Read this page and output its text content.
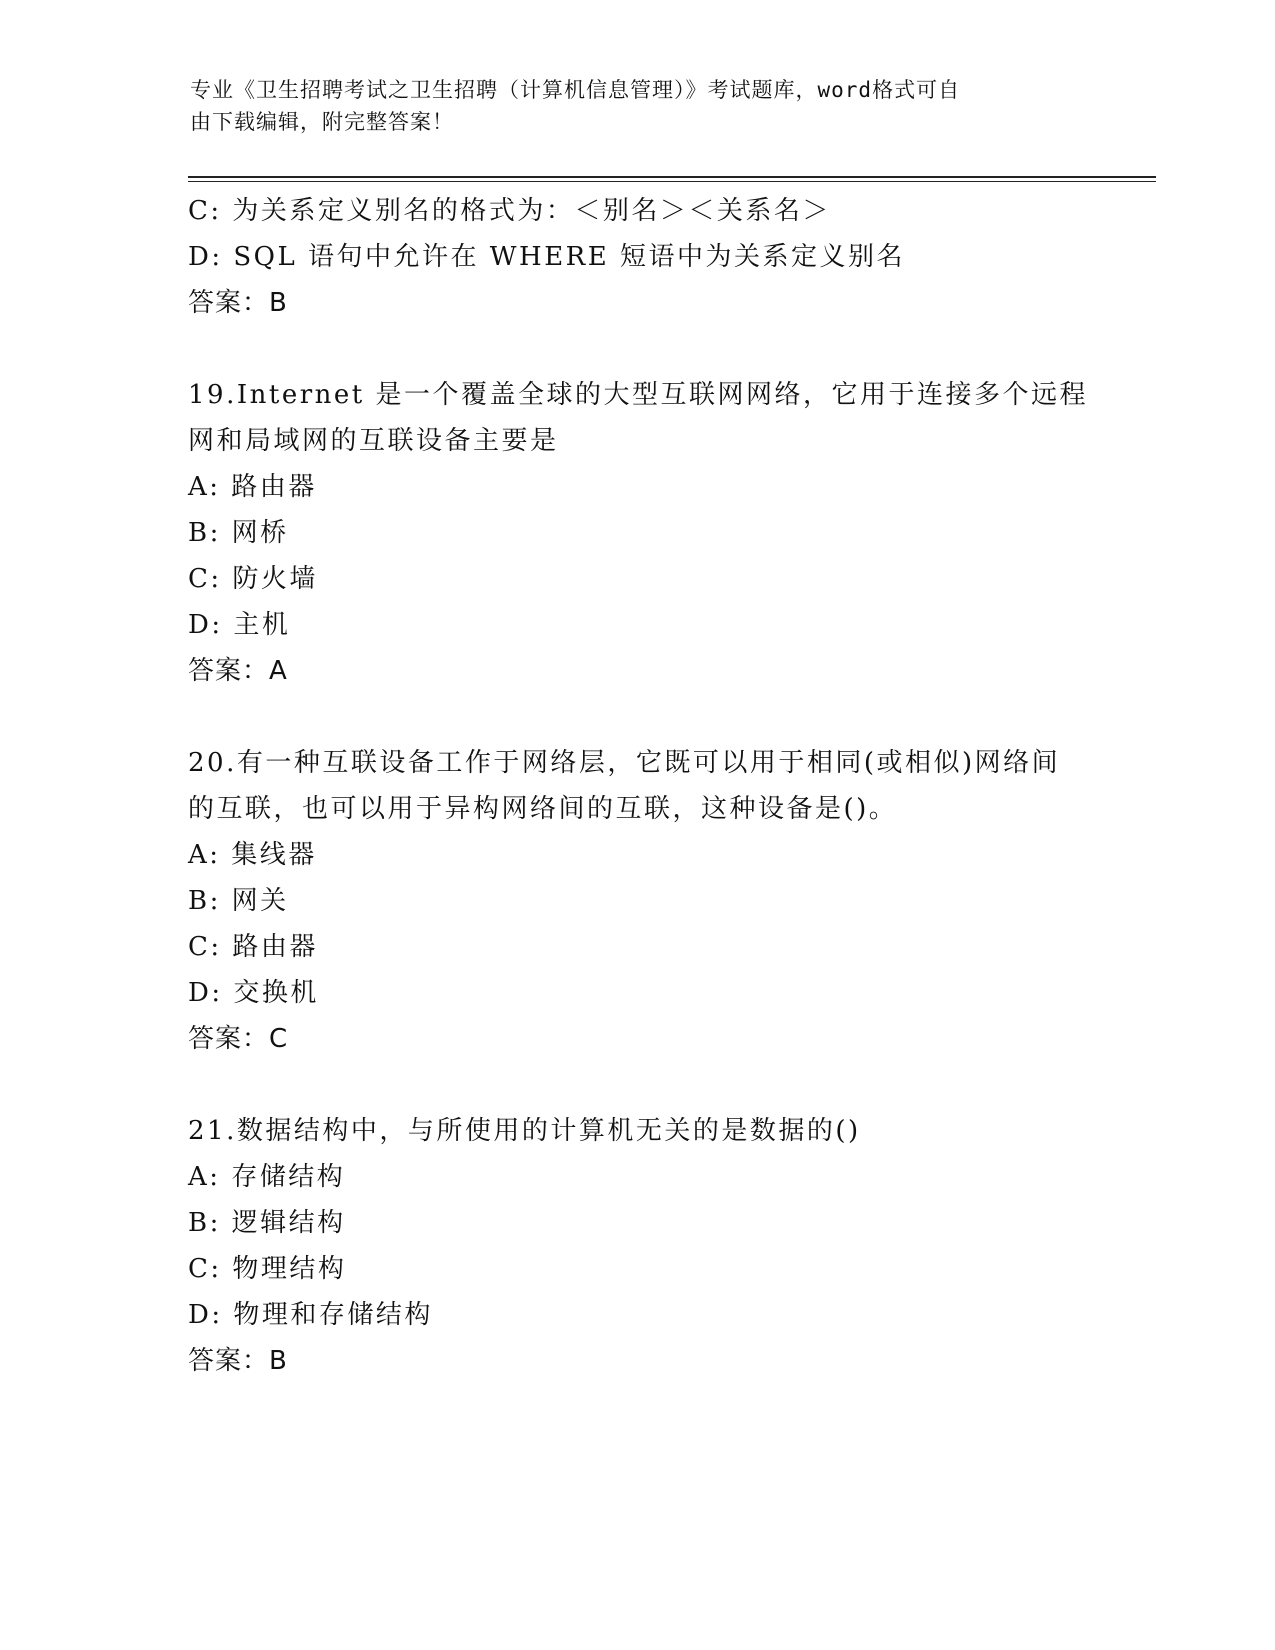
专业《卫生招聘考试之卫生招聘（计算机信息管理）》考试题库，word格式可自
由下载编辑，附完整答案！
C: 为关系定义别名的格式为：＜别名＞＜关系名＞
D: SQL 语句中允许在 WHERE 短语中为关系定义别名
答案：B
19.Internet 是一个覆盖全球的大型互联网网络，它用于连接多个远程
网和局域网的互联设备主要是
A: 路由器
B: 网桥
C: 防火墙
D: 主机
答案：A
20.有一种互联设备工作于网络层，它既可以用于相同(或相似)网络间
的互联，也可以用于异构网络间的互联，这种设备是()。
A: 集线器
B: 网关
C: 路由器
D: 交换机
答案：C
21.数据结构中，与所使用的计算机无关的是数据的()
A: 存储结构
B: 逻辑结构
C: 物理结构
D: 物理和存储结构
答案：B
